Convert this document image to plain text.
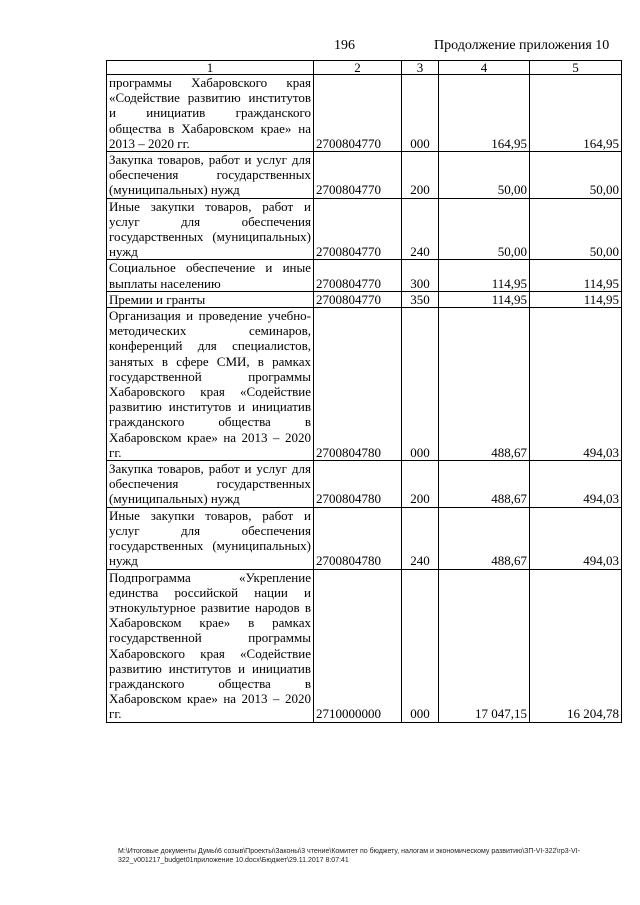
196	Продолжение приложения 10
1	2	3	4	5
программы Хабаровского края «Содействие развитию институтов и инициатив гражданского общества в Хабаровском крае» на 2013 – 2020 гг.	2700804770	000	164,95	164,95
Закупка товаров, работ и услуг для обеспечения государственных (муниципальных) нужд	2700804770	200	50,00	50,00
Иные закупки товаров, работ и услуг для обеспечения государственных (муниципальных) нужд	2700804770	240	50,00	50,00
Социальное обеспечение и иные выплаты населению	2700804770	300	114,95	114,95
Премии и гранты	2700804770	350	114,95	114,95
Организация и проведение учебно-методических семинаров, конференций для специалистов, занятых в сфере СМИ, в рамках государственной программы Хабаровского края «Содействие развитию институтов и инициатив гражданского общества в Хабаровском крае» на 2013 – 2020 гг.	2700804780	000	488,67	494,03
Закупка товаров, работ и услуг для обеспечения государственных (муниципальных) нужд	2700804780	200	488,67	494,03
Иные закупки товаров, работ и услуг для обеспечения государственных (муниципальных) нужд	2700804780	240	488,67	494,03
Подпрограмма «Укрепление единства российской нации и этнокультурное развитие народов в Хабаровском крае» в рамках государственной программы Хабаровского края «Содействие развитию институтов и инициатив гражданского общества в Хабаровском крае» на 2013 – 2020 гг.	2710000000	000	17 047,15	16 204,78
M:\Итоговые документы Думы\6 созыв\Проекты\Законы\3 чтение\Комитет по бюджету, налогам и экономическому развитию\ЗП-VI-322\гр3-VI-322_v001217_budget01приложение 10.docx\Бюджет\29.11.2017 8:07:41
